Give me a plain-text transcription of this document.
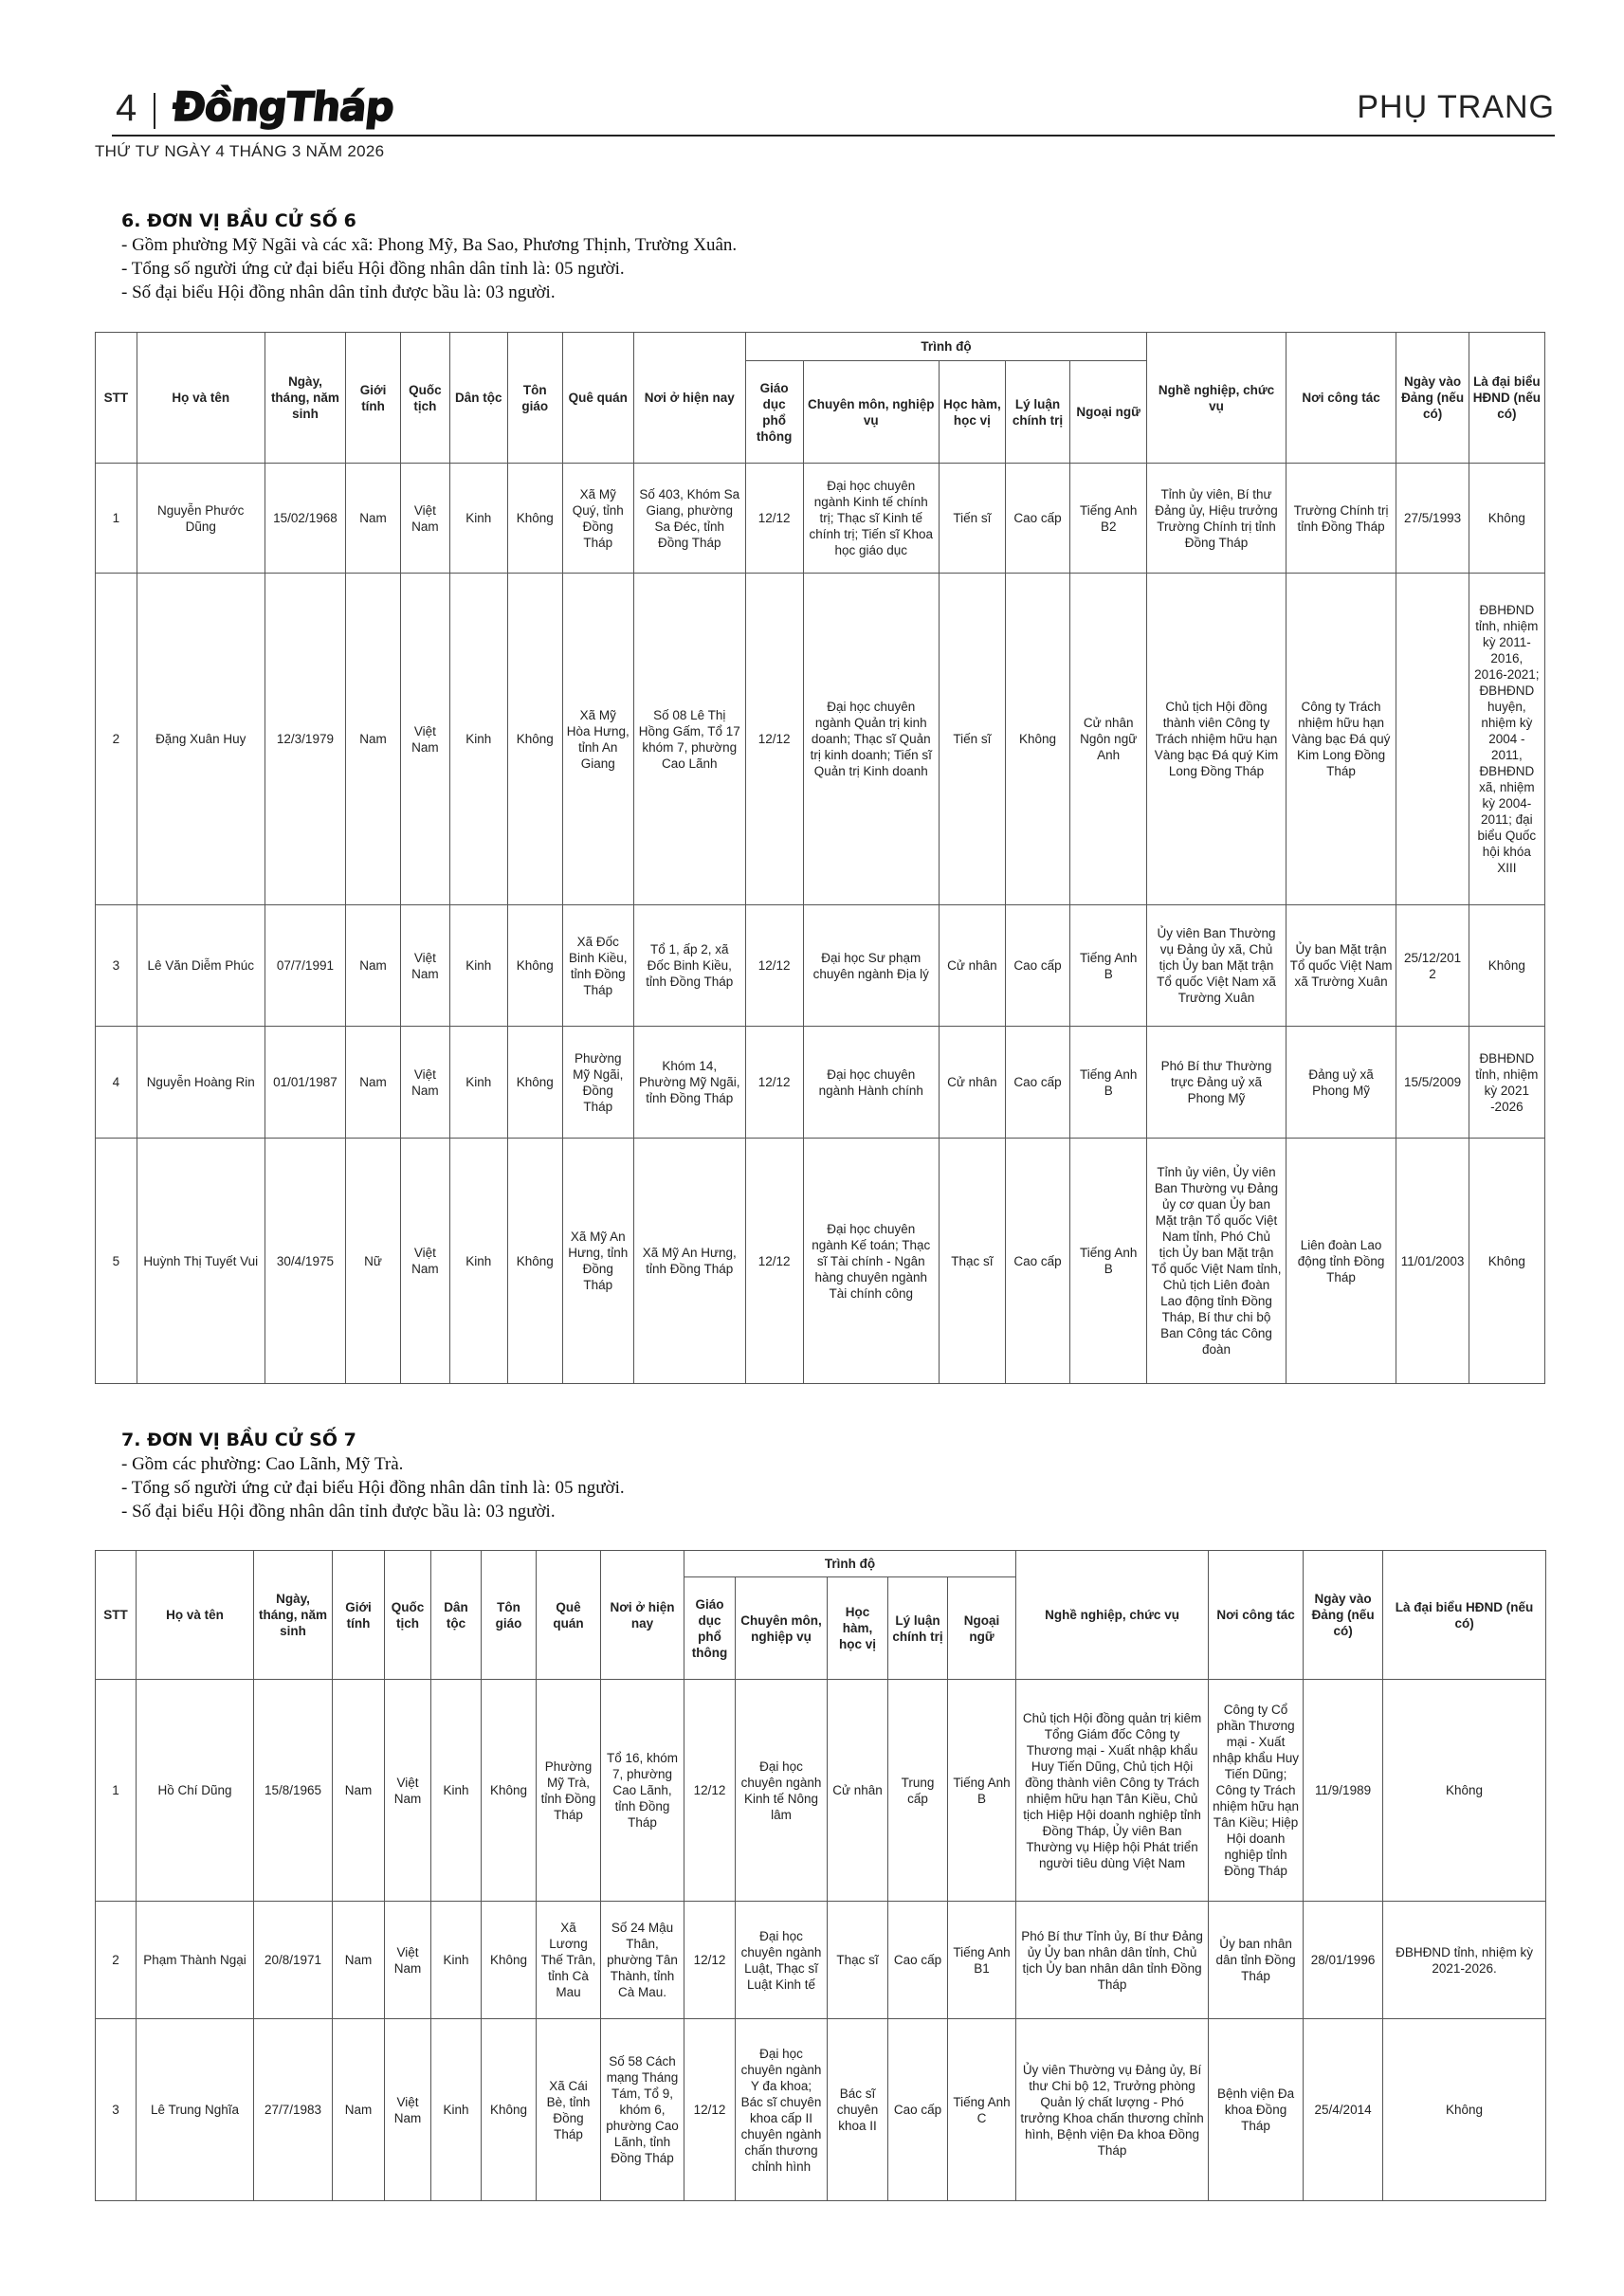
4 ĐồngTháp	PHỤ TRANG
THỨ TƯ NGÀY 4 THÁNG 3 NĂM 2026
6. ĐƠN VỊ BẦU CỬ SỐ 6
- Gồm phường Mỹ Ngãi và các xã: Phong Mỹ, Ba Sao, Phương Thịnh, Trường Xuân.
- Tổng số người ứng cử đại biểu Hội đồng nhân dân tỉnh là: 05 người.
- Số đại biểu Hội đồng nhân dân tỉnh được bầu là: 03 người.
STT	Họ và tên	Ngày, tháng, năm sinh	Giới tính	Quốc tịch	Dân tộc	Tôn giáo	Quê quán	Nơi ở hiện nay	Trình độ					Nghề nghiệp, chức vụ	Nơi công tác	Ngày vào Đảng (nếu có)	Là đại biểu HĐND (nếu có)
									Giáo dục phổ thông	Chuyên môn, nghiệp vụ	Học hàm, học vị	Lý luận chính trị	Ngoại ngữ				
1	Nguyễn Phước Dũng	15/02/1968	Nam	Việt Nam	Kinh	Không	Xã Mỹ Quý, tỉnh Đồng Tháp	Số 403, Khóm Sa Giang, phường Sa Đéc, tỉnh Đồng Tháp	12/12	Đại học chuyên ngành Kinh tế chính trị; Thạc sĩ Kinh tế chính trị; Tiến sĩ Khoa học giáo dục	Tiến sĩ	Cao cấp	Tiếng Anh B2	Tỉnh ủy viên, Bí thư Đảng ủy, Hiệu trưởng Trường Chính trị tỉnh Đồng Tháp	Trường Chính trị tỉnh Đồng Tháp	27/5/1993	Không
2	Đặng Xuân Huy	12/3/1979	Nam	Việt Nam	Kinh	Không	Xã Mỹ Hòa Hưng, tỉnh An Giang	Số 08 Lê Thị Hồng Gấm, Tổ 17 khóm 7, phường Cao Lãnh	12/12	Đại học chuyên ngành Quản trị kinh doanh; Thạc sĩ Quản trị kinh doanh; Tiến sĩ Quản trị Kinh doanh	Tiến sĩ	Không	Cử nhân Ngôn ngữ Anh	Chủ tịch Hội đồng thành viên Công ty Trách nhiệm hữu hạn Vàng bạc Đá quý Kim Long Đồng Tháp	Công ty Trách nhiệm hữu hạn Vàng bạc Đá quý Kim Long Đồng Tháp		ĐBHĐND tỉnh, nhiệm kỳ 2011-2016, 2016-2021; ĐBHĐND huyện, nhiệm kỳ 2004 - 2011, ĐBHĐND xã, nhiệm kỳ 2004-2011; đại biểu Quốc hội khóa XIII
3	Lê Văn Diễm Phúc	07/7/1991	Nam	Việt Nam	Kinh	Không	Xã Đốc Binh Kiều, tỉnh Đồng Tháp	Tổ 1, ấp 2, xã Đốc Binh Kiều, tỉnh Đồng Tháp	12/12	Đại học Sư phạm chuyên ngành Địa lý	Cử nhân	Cao cấp	Tiếng Anh B	Ủy viên Ban Thường vụ Đảng ủy xã, Chủ tịch Ủy ban Mặt trận Tổ quốc Việt Nam xã Trường Xuân	Ủy ban Mặt trận Tổ quốc Việt Nam xã Trường Xuân	25/12/2012	Không
4	Nguyễn Hoàng Rin	01/01/1987	Nam	Việt Nam	Kinh	Không	Phường Mỹ Ngãi, Đồng Tháp	Khóm 14, Phường Mỹ Ngãi, tỉnh Đồng Tháp	12/12	Đại học chuyên ngành Hành chính	Cử nhân	Cao cấp	Tiếng Anh B	Phó Bí thư Thường trực Đảng uỷ xã Phong Mỹ	Đảng uỷ xã Phong Mỹ	15/5/2009	ĐBHĐND tỉnh, nhiệm kỳ 2021 -2026
5	Huỳnh Thị Tuyết Vui	30/4/1975	Nữ	Việt Nam	Kinh	Không	Xã Mỹ An Hưng, tỉnh Đồng Tháp	Xã Mỹ An Hưng, tỉnh Đồng Tháp	12/12	Đại học chuyên ngành Kế toán; Thạc sĩ Tài chính - Ngân hàng chuyên ngành Tài chính công	Thạc sĩ	Cao cấp	Tiếng Anh B	Tỉnh ủy viên, Ủy viên Ban Thường vụ Đảng ủy cơ quan Ủy ban Mặt trận Tổ quốc Việt Nam tỉnh, Phó Chủ tịch Ủy ban Mặt trận Tổ quốc Việt Nam tỉnh, Chủ tịch Liên đoàn Lao động tỉnh Đồng Tháp, Bí thư chi bộ Ban Công tác Công đoàn	Liên đoàn Lao động tỉnh Đồng Tháp	11/01/2003	Không
7. ĐƠN VỊ BẦU CỬ SỐ 7
- Gồm các phường: Cao Lãnh, Mỹ Trà.
- Tổng số người ứng cử đại biểu Hội đồng nhân dân tỉnh là: 05 người.
- Số đại biểu Hội đồng nhân dân tỉnh được bầu là: 03 người.
STT	Họ và tên	Ngày, tháng, năm sinh	Giới tính	Quốc tịch	Dân tộc	Tôn giáo	Quê quán	Nơi ở hiện nay	Trình độ					Nghề nghiệp, chức vụ	Nơi công tác	Ngày vào Đảng (nếu có)	Là đại biểu HĐND (nếu có)
									Giáo dục phổ thông	Chuyên môn, nghiệp vụ	Học hàm, học vị	Lý luận chính trị	Ngoại ngữ				
1	Hồ Chí Dũng	15/8/1965	Nam	Việt Nam	Kinh	Không	Phường Mỹ Trà, tỉnh Đồng Tháp	Tổ 16, khóm 7, phường Cao Lãnh, tỉnh Đồng Tháp	12/12	Đại học chuyên ngành Kinh tế Nông lâm	Cử nhân	Trung cấp	Tiếng Anh B	Chủ tịch Hội đồng quản trị kiêm Tổng Giám đốc Công ty Thương mại - Xuất nhập khẩu Huy Tiến Dũng, Chủ tịch Hội đồng thành viên Công ty Trách nhiệm hữu hạn Tân Kiều, Chủ tịch Hiệp Hội doanh nghiệp tỉnh Đồng Tháp, Ủy viên Ban Thường vụ Hiệp hội Phát triển người tiêu dùng Việt Nam	Công ty Cổ phần Thương mại - Xuất nhập khẩu Huy Tiến Dũng; Công ty Trách nhiệm hữu hạn Tân Kiều; Hiệp Hội doanh nghiệp tỉnh Đồng Tháp	11/9/1989	Không
2	Phạm Thành Ngại	20/8/1971	Nam	Việt Nam	Kinh	Không	Xã Lương Thế Trân, tỉnh Cà Mau	Số 24 Mậu Thân, phường Tân Thành, tỉnh Cà Mau.	12/12	Đại học chuyên ngành Luật, Thạc sĩ Luật Kinh tế	Thạc sĩ	Cao cấp	Tiếng Anh B1	Phó Bí thư Tỉnh ủy, Bí thư Đảng ủy Ủy ban nhân dân tỉnh, Chủ tịch Ủy ban nhân dân tỉnh Đồng Tháp	Ủy ban nhân dân tỉnh Đồng Tháp	28/01/1996	ĐBHĐND tỉnh, nhiệm kỳ 2021-2026.
3	Lê Trung Nghĩa	27/7/1983	Nam	Việt Nam	Kinh	Không	Xã Cái Bè, tỉnh Đồng Tháp	Số 58 Cách mạng Tháng Tám, Tổ 9, khóm 6, phường Cao Lãnh, tỉnh Đồng Tháp	12/12	Đại học chuyên ngành Y đa khoa; Bác sĩ chuyên khoa cấp II chuyên ngành chấn thương chỉnh hình	Bác sĩ chuyên khoa II	Cao cấp	Tiếng Anh C	Ủy viên Thường vụ Đảng ủy, Bí thư Chi bộ 12, Trưởng phòng Quản lý chất lượng - Phó trưởng Khoa chấn thương chỉnh hình, Bệnh viện Đa khoa Đồng Tháp	Bệnh viện Đa khoa Đồng Tháp	25/4/2014	Không
